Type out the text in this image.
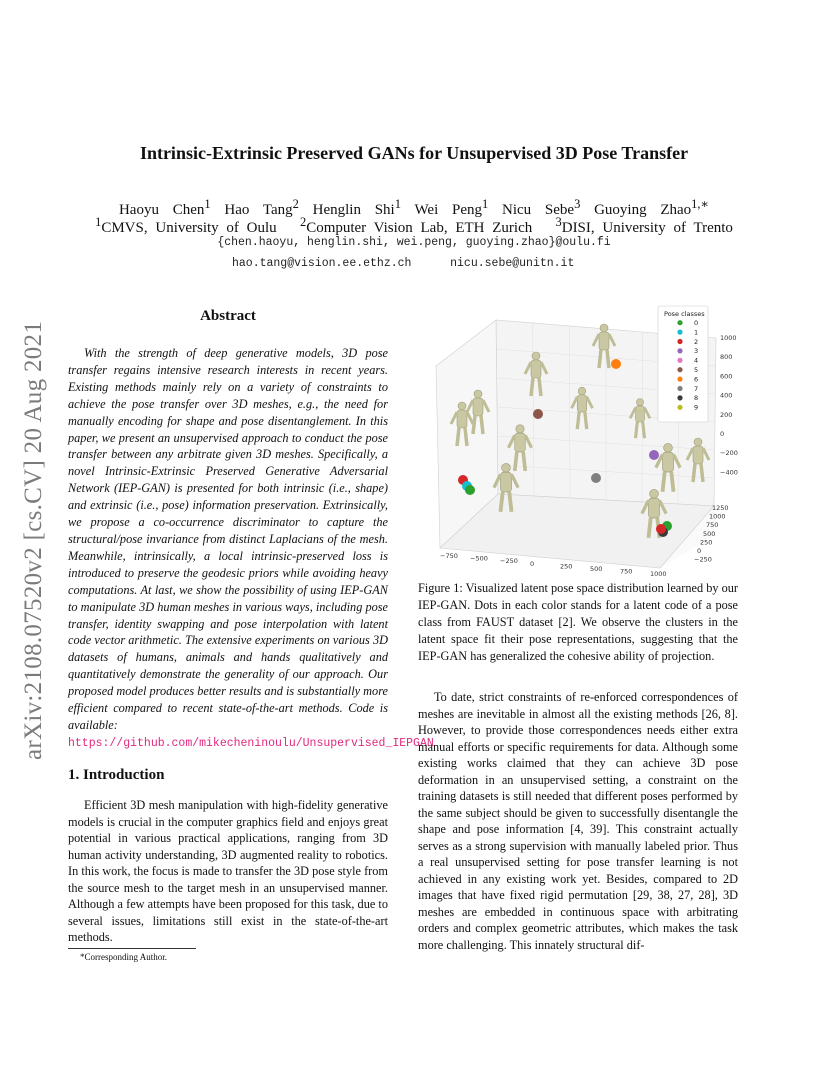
arXiv:2108.07520v2 [cs.CV] 20 Aug 2021
Intrinsic-Extrinsic Preserved GANs for Unsupervised 3D Pose Transfer
Haoyu Chen$^1$ Hao Tang$^2$ Henglin Shi$^1$ Wei Peng$^1$ Nicu Sebe$^3$ Guoying Zhao$^{1,∗}$
$^1$CMVS, University of Oulu $^2$Computer Vision Lab, ETH Zurich $^3$DISI, University of Trento
{chen.haoyu, henglin.shi, wei.peng, guoying.zhao}@oulu.fi
hao.tang@vision.ee.ethz.ch   nicu.sebe@unitn.it
Abstract
With the strength of deep generative models, 3D pose transfer regains intensive research interests in recent years. Existing methods mainly rely on a variety of constraints to achieve the pose transfer over 3D meshes, e.g., the need for manually encoding for shape and pose disentanglement. In this paper, we present an unsupervised approach to conduct the pose transfer between any arbitrate given 3D meshes. Specifically, a novel Intrinsic-Extrinsic Preserved Generative Adversarial Network (IEP-GAN) is presented for both intrinsic (i.e., shape) and extrinsic (i.e., pose) information preservation. Extrinsically, we propose a co-occurrence discriminator to capture the structural/pose invariance from distinct Laplacians of the mesh. Meanwhile, intrinsically, a local intrinsic-preserved loss is introduced to preserve the geodesic priors while avoiding heavy computations. At last, we show the possibility of using IEP-GAN to manipulate 3D human meshes in various ways, including pose transfer, identity swapping and pose interpolation with latent code vector arithmetic. The extensive experiments on various 3D datasets of humans, animals and hands qualitatively and quantitatively demonstrate the generality of our approach. Our proposed model produces better results and is substantially more efficient compared to recent state-of-the-art methods. Code is available: https://github.com/mikecheninoulu/Unsupervised_IEPGAN
1. Introduction
Efficient 3D mesh manipulation with high-fidelity generative models is crucial in the computer graphics field and enjoys great potential in various practical applications, ranging from 3D human activity understanding, 3D augmented reality to robotics. In this work, the focus is made to transfer the 3D pose style from the source mesh to the target mesh in an unsupervised manner. Although a few attempts have been proposed for this task, due to several issues, limitations still exist in the state-of-the-art methods.
*Corresponding Author.
1000
800
600
400
200
0
−200
−400
1250
1000
750
500
250
0
−250
−750 −500 −250 0	250	500	750	1000
Pose classes
0
1
2
3
4
5
6
7
8
9
Figure 1: Visualized latent pose space distribution learned by our IEP-GAN. Dots in each color stands for a latent code of a pose class from FAUST dataset [2]. We observe the clusters in the latent space fit their pose representations, suggesting that the IEP-GAN has generalized the cohesive ability of projection.
To date, strict constraints of re-enforced correspondences of meshes are inevitable in almost all the existing methods [26, 8]. However, to provide those correspondences needs either extra manual efforts or specific requirements for data. Although some existing works claimed that they can achieve 3D pose deformation in an unsupervised setting, a constraint on the training datasets is still needed that different poses performed by the same subject should be given to successfully disentangle the shape and pose information [4, 39]. This constraint actually serves as a strong supervision with manually labeled prior. Thus a real unsupervised setting for pose transfer learning is not achieved in any existing work yet. Besides, compared to 2D images that have fixed rigid permutation [29, 38, 27, 28], 3D meshes are embedded in continuous space with arbitrating orders and complex geometric attributes, which makes the task more challenging. This innately structural dif-
